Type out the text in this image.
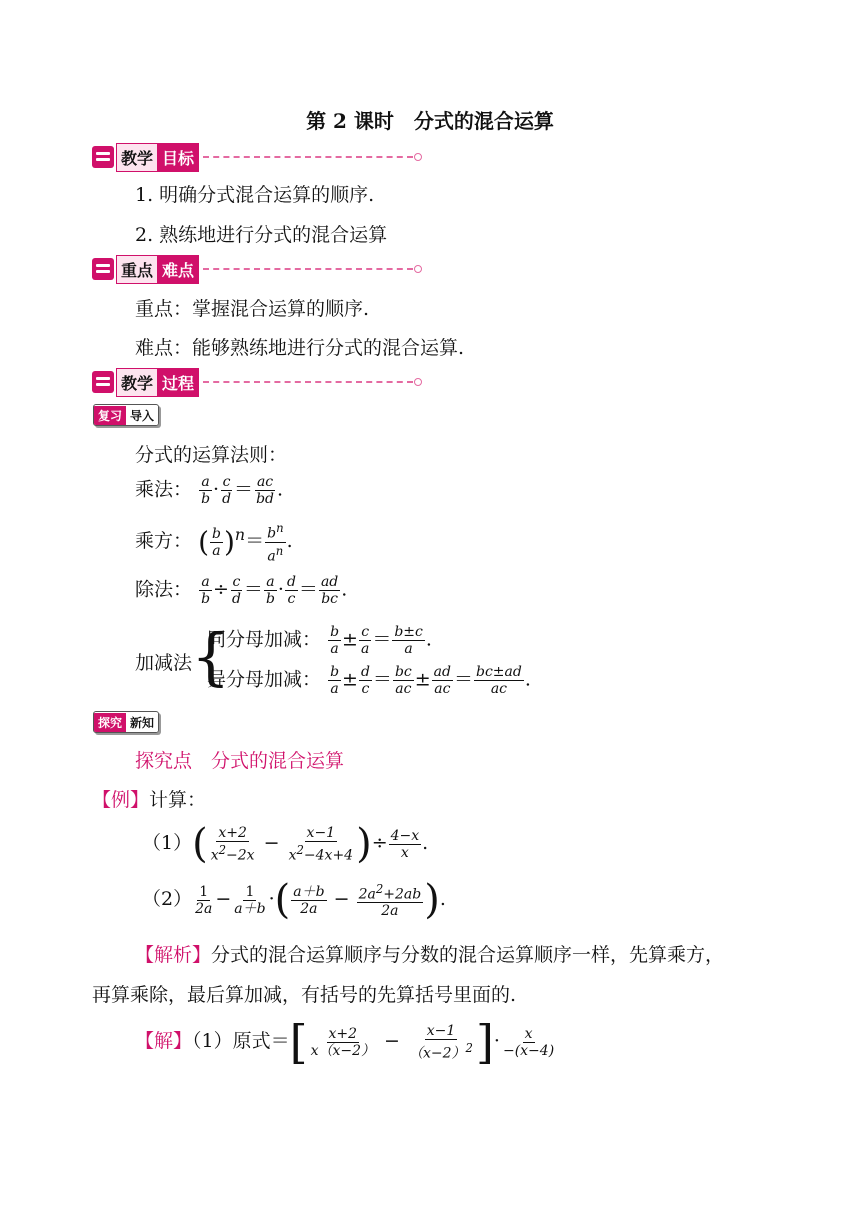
第 2 课时　分式的混合运算
教学 目标
1. 明确分式混合运算的顺序.
2. 熟练地进行分式的混合运算
重点 难点
重点：掌握混合运算的顺序.
难点：能够熟练地进行分式的混合运算.
教学 过程
复习 导入
分式的运算法则：
乘法： $\frac{a}{b} \cdot \frac{c}{d} = \frac{ac}{bd}$ .
乘方： ( $\frac{b}{a} )^n= \frac{b^n}{a^n}$ .
除法： $\frac{a}{b} \div \frac{c}{d} = \frac{a}{b} \cdot \frac{d}{c} = \frac{ad}{bc}$ .
加减法
{
同分母加减： $\frac{b}{a} \pm \frac{c}{a} = \frac{b\pm c}{a}$ .
异分母加减： $\frac{b}{a} \pm \frac{d}{c} = \frac{bc}{ac} \pm \frac{ad}{ac} = \frac{bc\pm ad}{ac}$ .
探究 新知
探究点　分式的混合运算
【例】计算：
$(1)( \frac{x+2}{x^2-2x} - \frac{x-1}{x^2-4x+4}$ )÷ $\frac{4-x}{x}$ .
$(2) \frac{1}{2a} - \frac{1}{a+b}$ ·( $\frac{a+b}{2a} - \frac{2a^2+2ab}{2a}$ ).
【解析】分式的混合运算顺序与分数的混合运算顺序一样，先算乘方，
再算乘除，最后算加减，有括号的先算括号里面的.
【解】（1）原式＝[ $\frac{x+2}{x(x-2)} - \frac{x-1}{(x-2)^2}$ ]· $\frac{x}{-(x-4)}$
